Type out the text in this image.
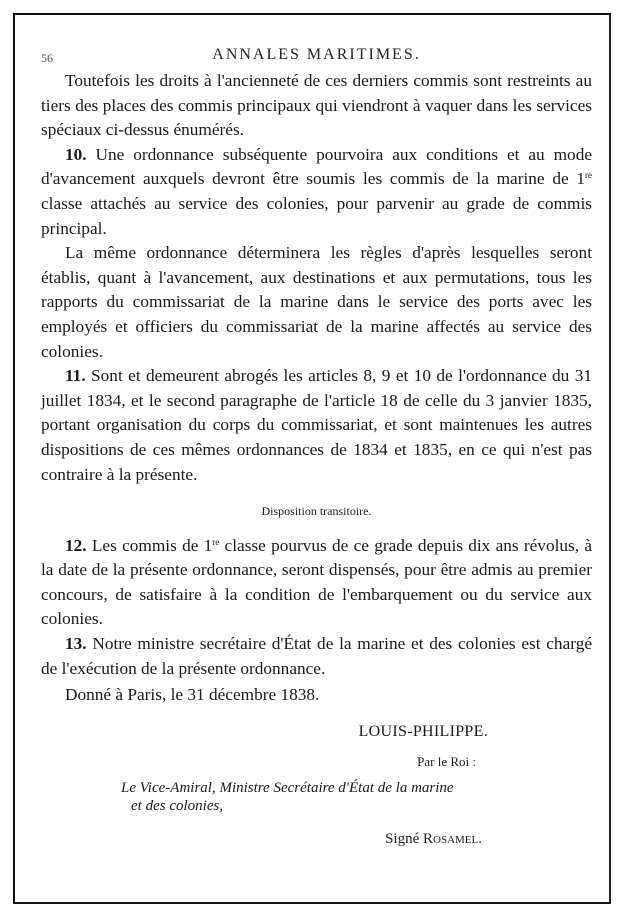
56	ANNALES MARITIMES.

Toutefois les droits à l'ancienneté de ces derniers commis sont restreints au tiers des places des commis principaux qui viendront à vaquer dans les services spéciaux ci-dessus énumérés.

10. Une ordonnance subséquente pourvoira aux conditions et au mode d'avancement auxquels devront être soumis les commis de la marine de 1re classe attachés au service des colonies, pour parvenir au grade de commis principal.

La même ordonnance déterminera les règles d'après lesquelles seront établis, quant à l'avancement, aux destinations et aux permutations, tous les rapports du commissariat de la marine dans le service des ports avec les employés et officiers du commissariat de la marine affectés au service des colonies.

11. Sont et demeurent abrogés les articles 8, 9 et 10 de l'ordonnance du 31 juillet 1834, et le second paragraphe de l'article 18 de celle du 3 janvier 1835, portant organisation du corps du commissariat, et sont maintenues les autres dispositions de ces mêmes ordonnances de 1834 et 1835, en ce qui n'est pas contraire à la présente.

Disposition transitoire.

12. Les commis de 1re classe pourvus de ce grade depuis dix ans révolus, à la date de la présente ordonnance, seront dispensés, pour être admis au premier concours, de satisfaire à la condition de l'embarquement ou du service aux colonies.

13. Notre ministre secrétaire d'État de la marine et des colonies est chargé de l'exécution de la présente ordonnance.

Donné à Paris, le 31 décembre 1838.

LOUIS-PHILIPPE.
Par le Roi :
Le Vice-Amiral, Ministre Secrétaire d'État de la marine
et des colonies,
Signé Rosamel.
